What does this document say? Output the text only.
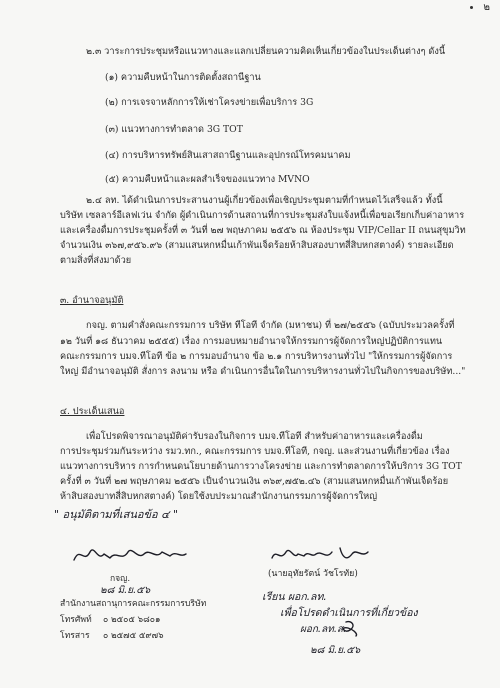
๒
๒.๓ วาระการประชุมหรือแนวทางและแลกเปลี่ยนความคิดเห็นเกี่ยวข้องในประเด็นต่างๆ ดังนี้
(๑) ความคืบหน้าในการติดตั้งสถานีฐาน
(๒) การเจรจาหลักการให้เช่าโครงข่ายเพื่อบริการ 3G
(๓) แนวทางการทำตลาด 3G TOT
(๔) การบริหารทรัพย์สินเสาสถานีฐานและอุปกรณ์โทรคมนาคม
(๕) ความคืบหน้าและผลสำเร็จของแนวทาง MVNO
๒.๔ ลท. ได้ดำเนินการประสานงานผู้เกี่ยวข้องเพื่อเชิญประชุมตามที่กำหนดไว้เสร็จแล้ว ทั้งนี้
บริษัท เซลลาร์อีเลฟเว่น จำกัด ผู้ดำเนินการด้านสถานที่การประชุมส่งใบแจ้งหนี้เพื่อขอเรียกเก็บค่าอาหาร
และเครื่องดื่มการประชุมครั้งที่ ๓ วันที่ ๒๗ พฤษภาคม ๒๕๕๖ ณ ห้องประชุม VIP/Cellar II ถนนสุขุมวิท
จำนวนเงิน ๓๖๗,๙๕๖.๙๖ (สามแสนหกหมื่นเก้าพันเจ็ดร้อยห้าสิบสองบาทสี่สิบหกสตางค์) รายละเอียด
ตามสิ่งที่ส่งมาด้วย
๓. อำนาจอนุมัติ
กจญ. ตามคำสั่งคณะกรรมการ บริษัท ทีโอที จำกัด (มหาชน) ที่ ๒๗/๒๕๕๖ (ฉบับประมวลครั้งที่
๑๒ วันที่ ๑๘ ธันวาคม ๒๕๕๕) เรื่อง การมอบหมายอำนาจให้กรรมการผู้จัดการใหญ่ปฏิบัติการแทน
คณะกรรมการ บมจ.ทีโอที ข้อ ๒ การมอบอำนาจ ข้อ ๒.๑ การบริหารงานทั่วไป "ให้กรรมการผู้จัดการ
ใหญ่ มีอำนาจอนุมัติ สั่งการ ลงนาม หรือ ดำเนินการอื่นใดในการบริหารงานทั่วไปในกิจการของบริษัท..."
๔. ประเด็นเสนอ
เพื่อโปรดพิจารณาอนุมัติค่ารับรองในกิจการ บมจ.ทีโอที สำหรับค่าอาหารและเครื่องดื่ม
การประชุมร่วมกันระหว่าง รมว.ทก., คณะกรรมการ บมจ.ทีโอที, กจญ. และส่วนงานที่เกี่ยวข้อง เรื่อง
แนวทางการบริหาร การกำหนดนโยบายด้านการวางโครงข่าย และการทำตลาดการให้บริการ 3G TOT
ครั้งที่ ๓ วันที่ ๒๗ พฤษภาคม ๒๕๕๖ เป็นจำนวนเงิน ๓๖๙,๗๕๒.๔๖ (สามแสนหกหมื่นเก้าพันเจ็ดร้อย
ห้าสิบสองบาทสี่สิบหกสตางค์) โดยใช้งบประมาณสำนักงานกรรมการผู้จัดการใหญ่
" อนุมัติตามที่เสนอข้อ ๔ "
กจญ.
๒๘ มิ.ย.๕๖
สำนักงานสถานุการคณะกรรมการบริษัท
โทรศัพท์ ๐ ๒๕๐๕ ๖๘๐๑
โทรสาร ๐ ๒๕๗๕ ๕๙๗๖
(นายอุทัยรัตน์ วัชโรทัย)
เรียน ผอก.ลท.
เพื่อโปรดดำเนินการที่เกี่ยวข้อง
ผอก.ลท.ส.
๒๘ มิ.ย.๕๖
